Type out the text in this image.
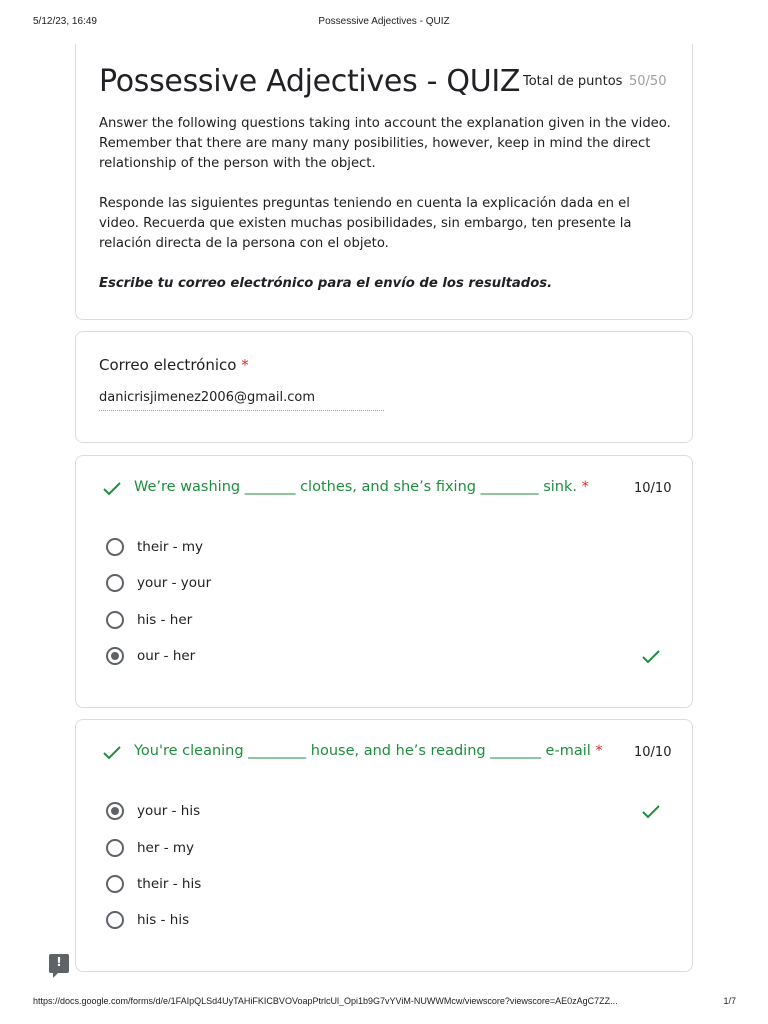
5/12/23, 16:49	Possessive Adjectives - QUIZ
Possessive Adjectives - QUIZ Total de puntos 50/50

Answer the following questions taking into account the explanation given in the video. Remember that there are many many posibilities, however, keep in mind the direct relationship of the person with the object.

Responde las siguientes preguntas teniendo en cuenta la explicación dada en el video. Recuerda que existen muchas posibilidades, sin embargo, ten presente la relación directa de la persona con el objeto.

Escribe tu correo electrónico para el envío de los resultados.

Correo electrónico *
danicrisjimenez2006@gmail.com
We’re washing _______ clothes, and she’s fixing ________ sink. *	10/10
their - my
your - your
his - her
our - her
You're cleaning ________ house, and he’s reading _______ e-mail * 10/10
your - his
her - my
their - his
his - his
!
https://docs.google.com/forms/d/e/1FAIpQLSd4UyTAHiFKICBVOVoapPtrlcUl_Opi1b9G7vYViM-NUWWMcw/viewscore?viewscore=AE0zAgC7ZZ...	1/7
